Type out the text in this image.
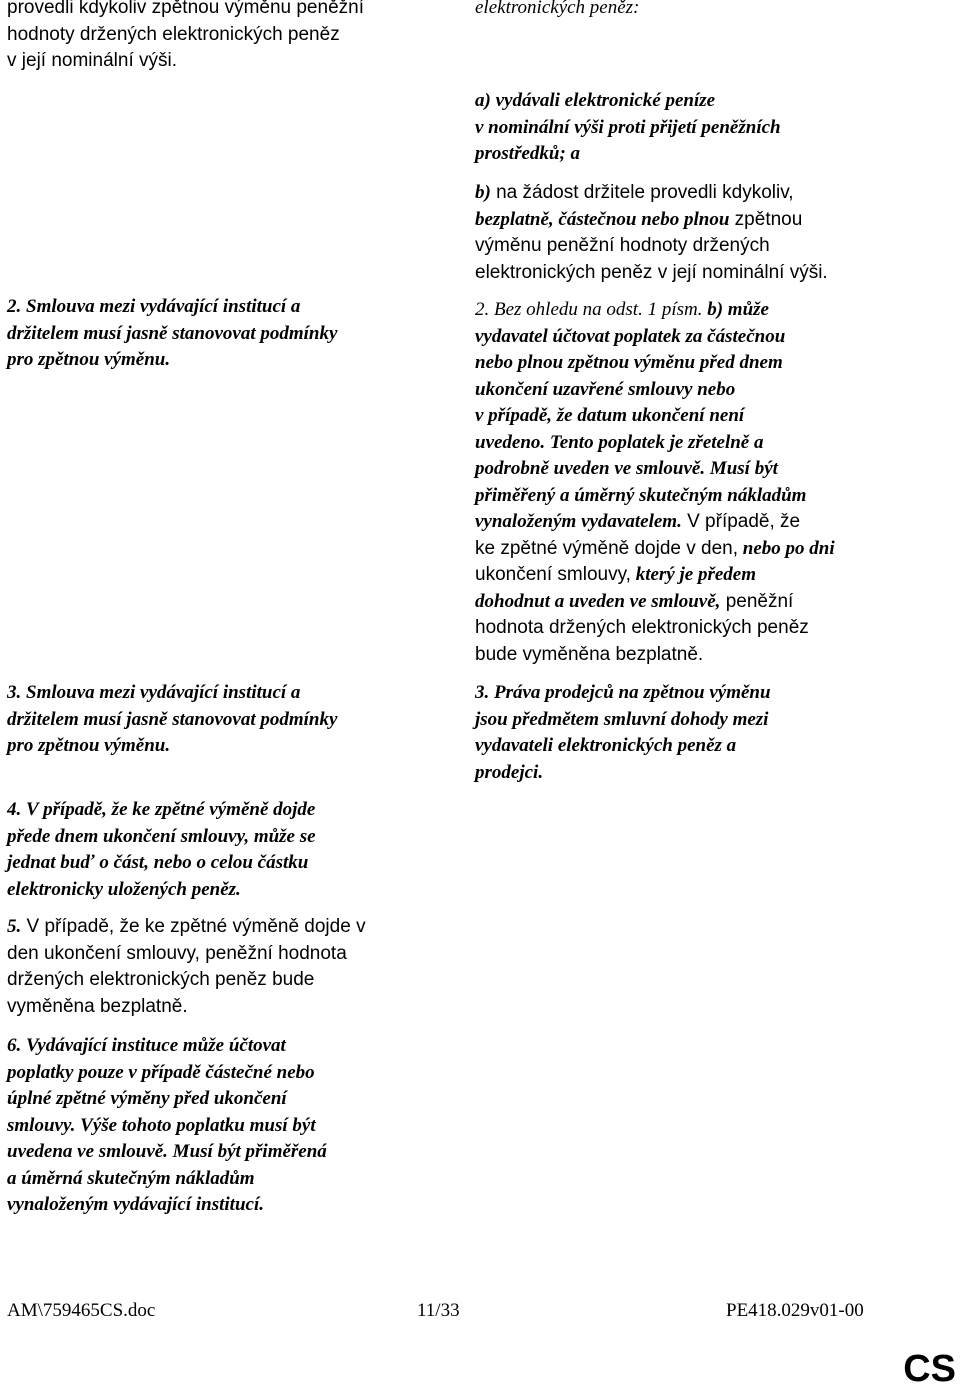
provedli kdykoliv zpětnou výměnu peněžní
hodnoty držených elektronických peněz
v její nominální výši.
2. Smlouva mezi vydávající institucí a
držitelem musí jasně stanovovat podmínky
pro zpětnou výměnu.
3. Smlouva mezi vydávající institucí a
držitelem musí jasně stanovovat podmínky
pro zpětnou výměnu.
4. V případě, že ke zpětné výměně dojde
přede dnem ukončení smlouvy, může se
jednat buď o část, nebo o celou částku
elektronicky uložených peněz.
5. V případě, že ke zpětné výměně dojde v
den ukončení smlouvy, peněžní hodnota
držených elektronických peněz bude
vyměněna bezplatně.
6. Vydávající instituce může účtovat
poplatky pouze v případě částečné nebo
úplné zpětné výměny před ukončení
smlouvy. Výše tohoto poplatku musí být
uvedena ve smlouvě. Musí být přiměřená
a úměrná skutečným nákladům
vynaloženým vydávající institucí.
elektronických peněz:
a) vydávali elektronické peníze
v nominální výši proti přijetí peněžních
prostředků; a
b) na žádost držitele provedli kdykoliv,
bezplatně, částečnou nebo plnou zpětnou
výměnu peněžní hodnoty držených
elektronických peněz v její nominální výši.
2. Bez ohledu na odst. 1 písm. b) může
vydavatel účtovat poplatek za částečnou
nebo plnou zpětnou výměnu před dnem
ukončení uzavřené smlouvy nebo
v případě, že datum ukončení není
uvedeno. Tento poplatek je zřetelně a
podrobně uveden ve smlouvě. Musí být
přiměřený a úměrný skutečným nákladům
vynaloženým vydavatelem. V případě, že
ke zpětné výměně dojde v den, nebo po dni
ukončení smlouvy, který je předem
dohodnut a uveden ve smlouvě, peněžní
hodnota držených elektronických peněz
bude vyměněna bezplatně.
3. Práva prodejců na zpětnou výměnu
jsou předmětem smluvní dohody mezi
vydavateli elektronických peněz a
prodejci.
AM\759465CS.doc	11/33	PE418.029v01-00
CS
